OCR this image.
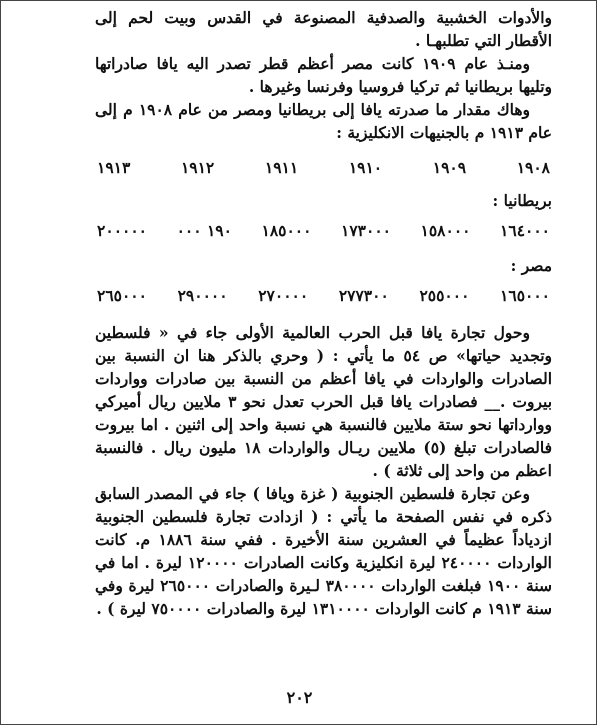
والأدوات الخشبية والصدفية المصنوعة في القدس وبيت لحم إلى الأقطار التي تطلبهـا .

ومنـذ عام ١٩٠٩ كانت مصر أعظم قطر تصدر اليه يافا صادراتها وتليها بريطانيا ثم تركيا فروسيا وفرنسا وغيرها .

وهاك مقدار ما صدرته يافا إلى بريطانيا ومصر من عام ١٩٠٨ م إلى عام ١٩١٣ م بالجنيهات الانكليزية :

١٩٠٨
١٩٠٩
١٩١٠
١٩١١
١٩١٢
١٩١٣
بريطانيا :
١٦٤٠٠٠
١٥٨٠٠٠
١٧٣٠٠٠
١٨٥٠٠٠
١٩٠ ٠٠٠
٢٠٠٠٠٠
مصر :
١٦٥٠٠٠
٢٥٥٠٠٠
٢٧٧٣٠٠
٢٧٠٠٠٠
٢٩٠٠٠٠
٢٦٥٠٠٠

وحول تجارة يافا قبل الحرب العالمية الأولى جاء في « فلسطين وتجديد حياتها» ص ٥٤ ما يأتي : ( وحري بالذكر هنا ان النسبة بين الصادرات والواردات في يافا أعظم من النسبة بين صادرات وواردات بيروت .__ فصادرات يافا قبل الحرب تعدل نحو ٣ ملايين ريال أميركي ووارداتها نحو ستة ملايين فالنسبة هي نسبة واحد إلى اثنين . اما بيروت فالصادرات تبلغ (٥) ملايين ريـال والواردات ١٨ مليون ريال . فالنسبة اعظم من واحد إلى ثلاثة ) .

وعن تجارة فلسطين الجنوبية ( غزة ويافا ) جاء في المصدر السابق ذكره في نفس الصفحة ما يأتي : ( ازدادت تجارة فلسطين الجنوبية ازدياداً عظيماً في العشرين سنة الأخيرة . ففي سنة ١٨٨٦ م. كانت الواردات ٢٤٠٠٠٠ ليرة انكليزية وكانت الصادرات ١٢٠٠٠٠ ليرة . اما في سنة ١٩٠٠ فبلغت الواردات ٣٨٠٠٠٠ لـيرة والصادرات ٢٦٥٠٠٠ ليرة وفي سنة ١٩١٣ م كانت الواردات ١٣١٠٠٠٠ ليرة والصادرات ٧٥٠٠٠٠ ليرة ) .

٢٠٢
